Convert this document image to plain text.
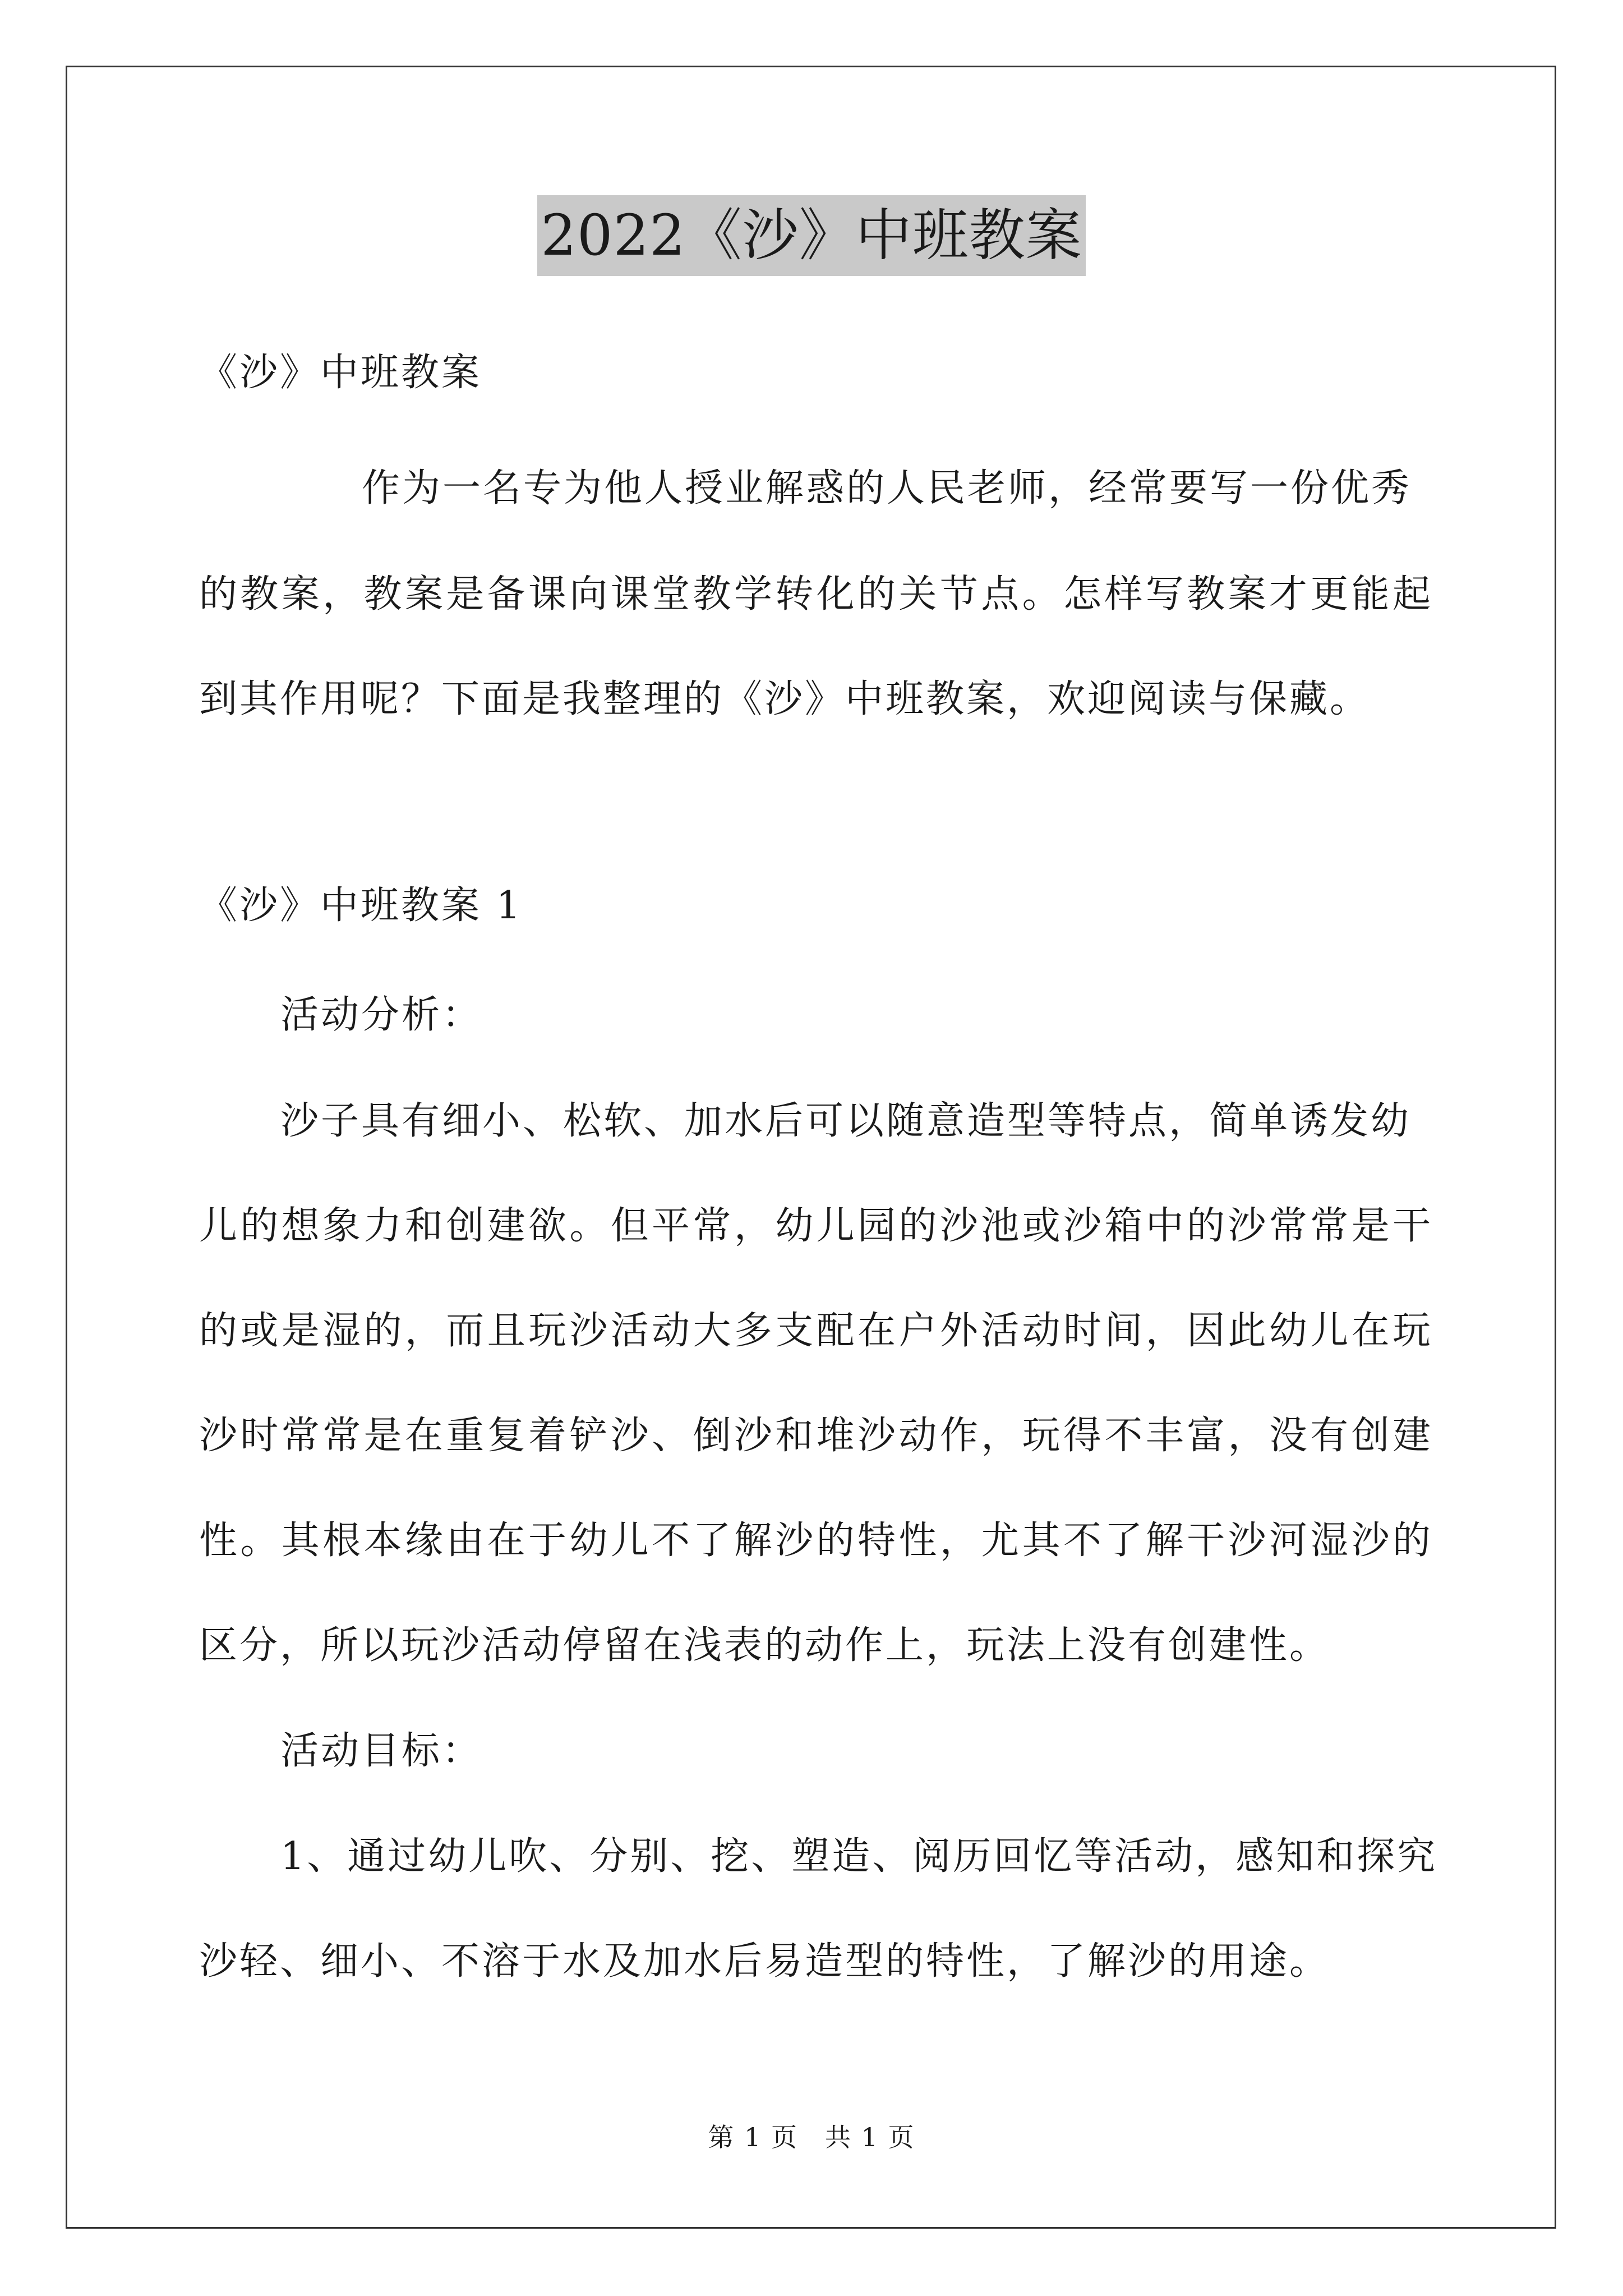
2022《沙》中班教案
《沙》中班教案
作为一名专为他人授业解惑的人民老师，经常要写一份优秀
的教案，教案是备课向课堂教学转化的关节点。怎样写教案才更能起
到其作用呢？下面是我整理的《沙》中班教案，欢迎阅读与保藏。
《沙》中班教案 1
活动分析：
沙子具有细小、松软、加水后可以随意造型等特点，简单诱发幼
儿的想象力和创建欲。但平常，幼儿园的沙池或沙箱中的沙常常是干
的或是湿的，而且玩沙活动大多支配在户外活动时间，因此幼儿在玩
沙时常常是在重复着铲沙、倒沙和堆沙动作，玩得不丰富，没有创建
性。其根本缘由在于幼儿不了解沙的特性，尤其不了解干沙河湿沙的
区分，所以玩沙活动停留在浅表的动作上，玩法上没有创建性。
活动目标：
1、通过幼儿吹、分别、挖、塑造、阅历回忆等活动，感知和探究
沙轻、细小、不溶于水及加水后易造型的特性，了解沙的用途。
第 1 页　共 1 页
